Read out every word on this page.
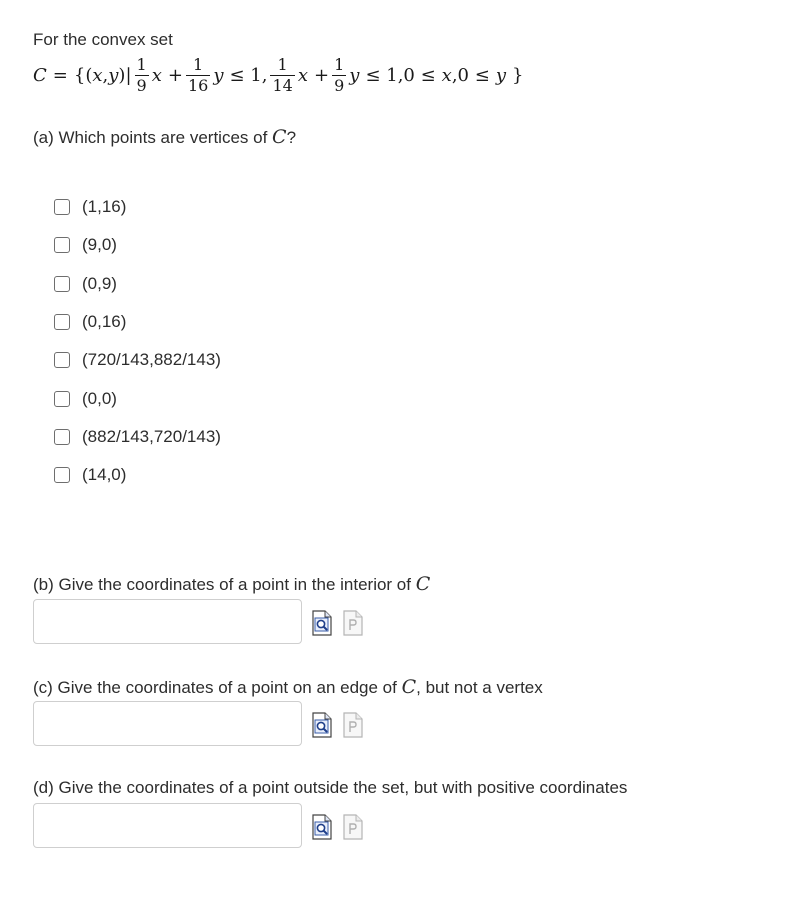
For the convex set
C = {( x , y )| $\frac{1}{9}$ $x + \frac{1}{16}$ y ≤ 1, $\frac{1}{14}$ $x + \frac{1}{9}$ y ≤ 1,0 ≤ x ,0 ≤ y }
(a) Which points are vertices of C?
(1,16)
(9,0)
(0,9)
(0,16)
(720/143,882/143)
(0,0)
(882/143,720/143)
(14,0)
(b) Give the coordinates of a point in the interior of C
(c) Give the coordinates of a point on an edge of C, but not a vertex
(d) Give the coordinates of a point outside the set, but with positive coordinates
